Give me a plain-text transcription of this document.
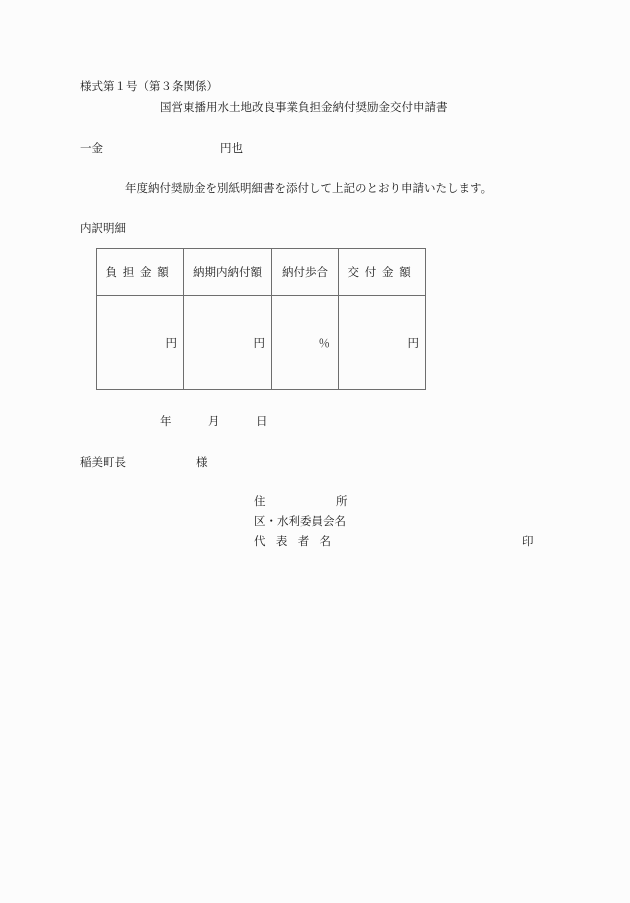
様式第１号（第３条関係）
国営東播用水土地改良事業負担金納付奨励金交付申請書
一金	円也
年度納付奨励金を別紙明細書を添付して上記のとおり申請いたします。
内訳明細
負担金額	納期内納付額	納付歩合	交付金額
円	円	％	円
年	月	日
稲美町長	様
住	所
区・水利委員会名
代表者名	印
